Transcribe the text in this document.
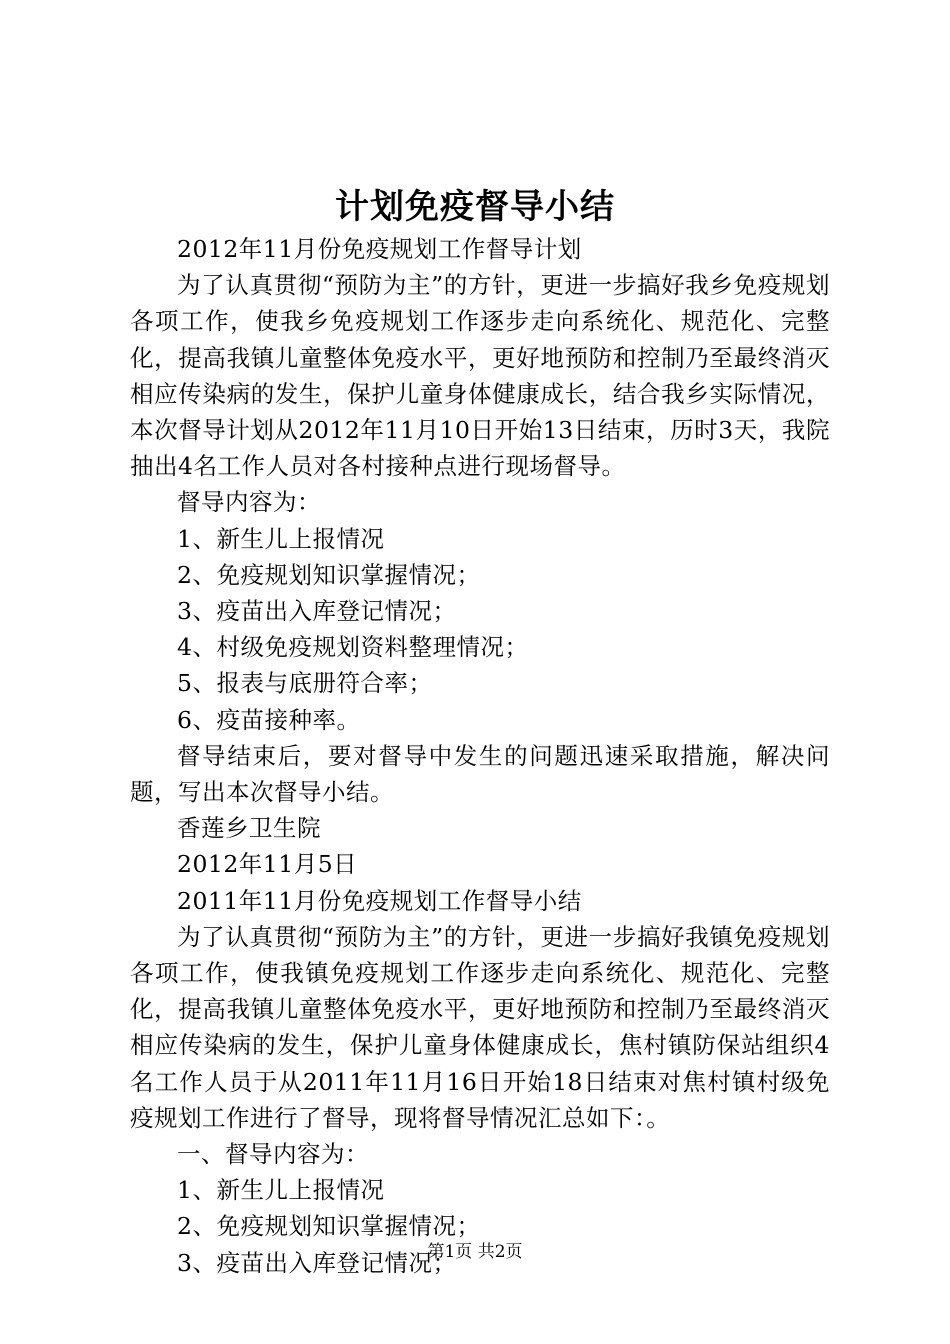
计划免疫督导小结

2012年11月份免疫规划工作督导计划

为了认真贯彻“预防为主”的方针，更进一步搞好我乡免疫规划各项工作，使我乡免疫规划工作逐步走向系统化、规范化、完整化，提高我镇儿童整体免疫水平，更好地预防和控制乃至最终消灭相应传染病的发生，保护儿童身体健康成长，结合我乡实际情况，本次督导计划从2012年11月10日开始13日结束，历时3天，我院抽出4名工作人员对各村接种点进行现场督导。

督导内容为：

1、新生儿上报情况

2、免疫规划知识掌握情况；

3、疫苗出入库登记情况；

4、村级免疫规划资料整理情况；

5、报表与底册符合率；

6、疫苗接种率。

督导结束后，要对督导中发生的问题迅速采取措施，解决问题，写出本次督导小结。

香莲乡卫生院

2012年11月5日

2011年11月份免疫规划工作督导小结

为了认真贯彻“预防为主”的方针，更进一步搞好我镇免疫规划各项工作，使我镇免疫规划工作逐步走向系统化、规范化、完整化，提高我镇儿童整体免疫水平，更好地预防和控制乃至最终消灭相应传染病的发生，保护儿童身体健康成长，焦村镇防保站组织4名工作人员于从2011年11月16日开始18日结束对焦村镇村级免疫规划工作进行了督导，现将督导情况汇总如下：。

一、督导内容为：

1、新生儿上报情况

2、免疫规划知识掌握情况；

3、疫苗出入库登记情况；

第1页 共2页
